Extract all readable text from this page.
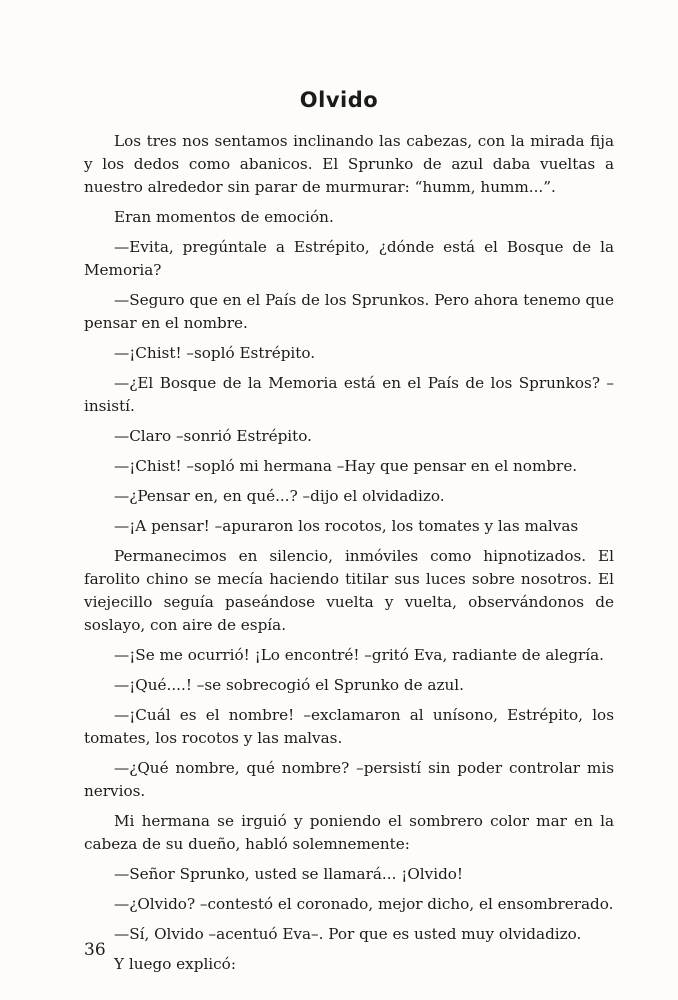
Olvido

Los tres nos sentamos inclinando las cabezas, con la mirada fija y los dedos como abanicos. El Sprunko de azul daba vueltas a nuestro alrededor sin parar de murmurar: “humm, humm...”.

Eran momentos de emoción.

—Evita, pregúntale a Estrépito, ¿dónde está el Bosque de la Memoria?

—Seguro que en el País de los Sprunkos. Pero ahora tenemo que pensar en el nombre.

—¡Chist! –sopló Estrépito.

—¿El Bosque de la Memoria está en el País de los Sprunkos? –insistí.

—Claro –sonrió Estrépito.

—¡Chist! –sopló mi hermana –Hay que pensar en el nombre.

—¿Pensar en, en qué...? –dijo el olvidadizo.

—¡A pensar! –apuraron los rocotos, los tomates y las malvas

Permanecimos en silencio, inmóviles como hipnotizados. El farolito chino se mecía haciendo titilar sus luces sobre nosotros. El viejecillo seguía paseándose vuelta y vuelta, observándonos de soslayo, con aire de espía.

—¡Se me ocurrió! ¡Lo encontré! –gritó Eva, radiante de alegría.

—¡Qué....! –se sobrecogió el Sprunko de azul.

—¡Cuál es el nombre! –exclamaron al unísono, Estrépito, los tomates, los rocotos y las malvas.

—¿Qué nombre, qué nombre? –persistí sin poder controlar mis nervios.

Mi hermana se irguió y poniendo el sombrero color mar en la cabeza de su dueño, habló solemnemente:

—Señor Sprunko, usted se llamará... ¡Olvido!

—¿Olvido? –contestó el coronado, mejor dicho, el ensombrerado.

—Sí, Olvido –acentuó Eva–. Por que es usted muy olvidadizo.

Y luego explicó:

36
